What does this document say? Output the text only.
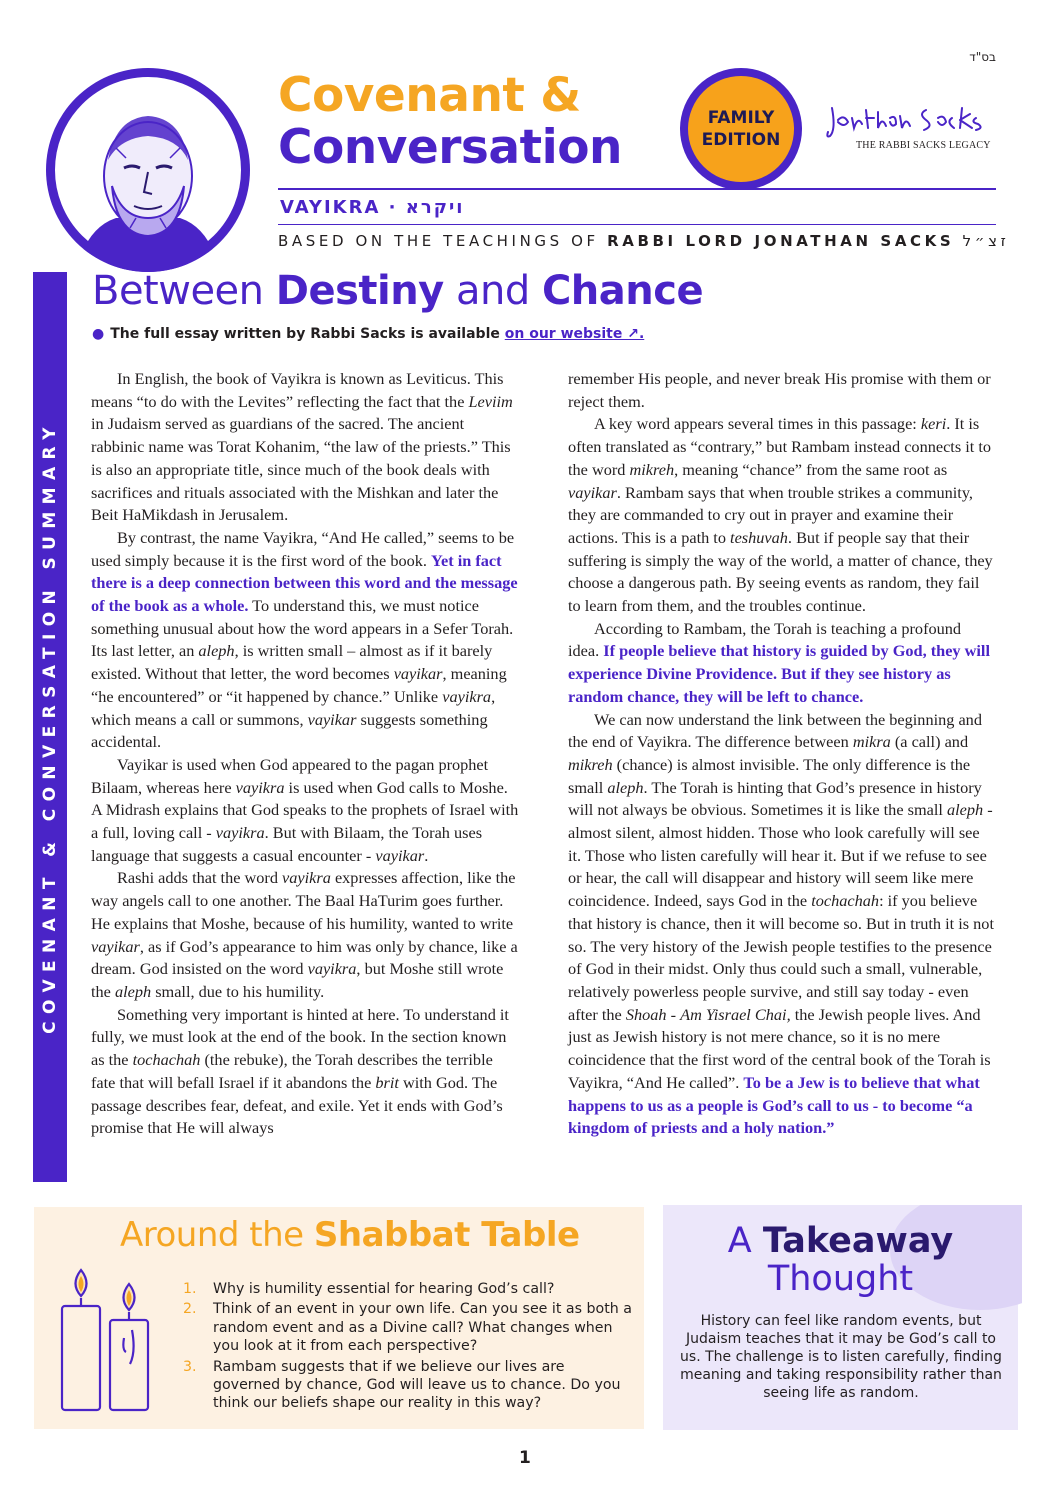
בס"ד
Covenant &
Conversation
FAMILY
EDITION	THE RABBI SACKS LEGACY
VAYIKRA · ויקרא
BASED ON THE TEACHINGS OF RABBI LORD JONATHAN SACKS זצ״ל
COVENANT & CONVERSATION SUMMARY
Between Destiny and Chance
● The full essay written by Rabbi Sacks is available on our website ↗.

In English, the book of Vayikra is known as Leviticus. This means “to do with the Levites” reflecting the fact that the Leviim in Judaism served as guardians of the sacred. The ancient rabbinic name was Torat Kohanim, “the law of the priests.” This is also an appropriate title, since much of the book deals with sacrifices and rituals associated with the Mishkan and later the Beit HaMikdash in Jerusalem.

By contrast, the name Vayikra, “And He called,” seems to be used simply because it is the first word of the book. Yet in fact there is a deep connection between this word and the message of the book as a whole. To understand this, we must notice something unusual about how the word appears in a Sefer Torah. Its last letter, an aleph, is written small – almost as if it barely existed. Without that letter, the word becomes vayikar, meaning “he encountered” or “it happened by chance.” Unlike vayikra, which means a call or summons, vayikar suggests something accidental.

Vayikar is used when God appeared to the pagan prophet Bilaam, whereas here vayikra is used when God calls to Moshe. A Midrash explains that God speaks to the prophets of Israel with a full, loving call - vayikra. But with Bilaam, the Torah uses language that suggests a casual encounter - vayikar.

Rashi adds that the word vayikra expresses affection, like the way angels call to one another. The Baal HaTurim goes further. He explains that Moshe, because of his humility, wanted to write vayikar, as if God’s appearance to him was only by chance, like a dream. God insisted on the word vayikra, but Moshe still wrote the aleph small, due to his humility.

Something very important is hinted at here. To understand it fully, we must look at the end of the book. In the section known as the tochachah (the rebuke), the Torah describes the terrible fate that will befall Israel if it abandons the brit with God. The passage describes fear, defeat, and exile. Yet it ends with God’s promise that He will always

remember His people, and never break His promise with them or reject them.

A key word appears several times in this passage: keri. It is often translated as “contrary,” but Rambam instead connects it to the word mikreh, meaning “chance” from the same root as vayikar. Rambam says that when trouble strikes a community, they are commanded to cry out in prayer and examine their actions. This is a path to teshuvah. But if people say that their suffering is simply the way of the world, a matter of chance, they choose a dangerous path. By seeing events as random, they fail to learn from them, and the troubles continue.

According to Rambam, the Torah is teaching a profound idea. If people believe that history is guided by God, they will experience Divine Providence. But if they see history as random chance, they will be left to chance.

We can now understand the link between the beginning and the end of Vayikra. The difference between mikra (a call) and mikreh (chance) is almost invisible. The only difference is the small aleph. The Torah is hinting that God’s presence in history will not always be obvious. Sometimes it is like the small aleph - almost silent, almost hidden. Those who look carefully will see it. Those who listen carefully will hear it. But if we refuse to see or hear, the call will disappear and history will seem like mere coincidence. Indeed, says God in the tochachah: if you believe that history is chance, then it will become so. But in truth it is not so. The very history of the Jewish people testifies to the presence of God in their midst. Only thus could such a small, vulnerable, relatively powerless people survive, and still say today - even after the Shoah - Am Yisrael Chai, the Jewish people lives. And just as Jewish history is not mere chance, so it is no mere coincidence that the first word of the central book of the Torah is Vayikra, “And He called”. To be a Jew is to believe that what happens to us as a people is God’s call to us - to become “a kingdom of priests and a holy nation.”

Around the Shabbat Table
1.	Why is humility essential for hearing God’s call?
2.	Think of an event in your own life. Can you see it as both a random event and as a Divine call? What changes when you look at it from each perspective?
3.	Rambam suggests that if we believe our lives are governed by chance, God will leave us to chance. Do you think our beliefs shape our reality in this way?
A Takeaway
Thought
History can feel like random events, but Judaism teaches that it may be God’s call to us. The challenge is to listen carefully, finding meaning and taking responsibility rather than seeing life as random.
1
